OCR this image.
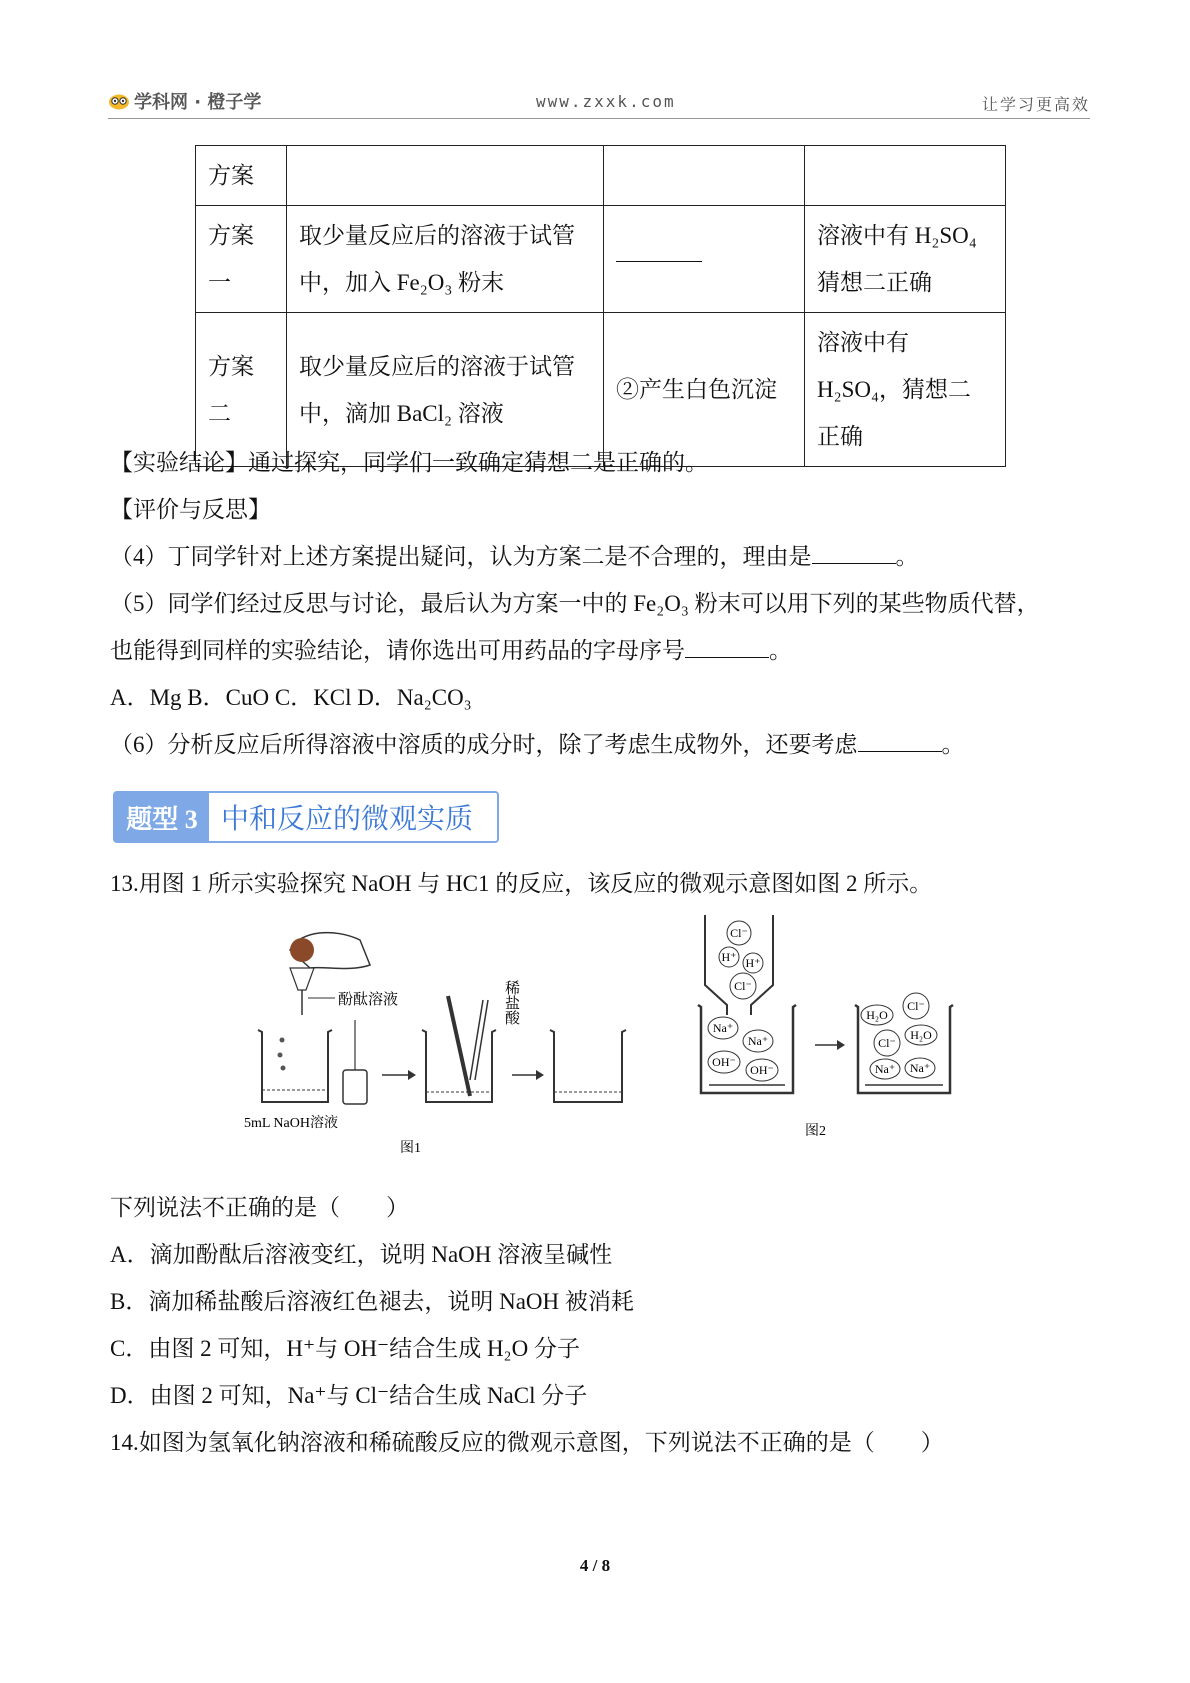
学科网 · 橙子学	www.zxxk.com	让学习更高效
方案			
方案一	取少量反应后的溶液于试管中，加入 Fe₂O₃ 粉末		溶液中有 H₂SO₄ 猜想二正确
方案二	取少量反应后的溶液于试管中，滴加 BaCl₂ 溶液	②产生白色沉淀	溶液中有 H₂SO₄，猜想二正确
【实验结论】通过探究，同学们一致确定猜想二是正确的。
【评价与反思】
（4）丁同学针对上述方案提出疑问，认为方案二是不合理的，理由是	。
（5）同学们经过反思与讨论，最后认为方案一中的 Fe₂O₃ 粉末可以用下列的某些物质代替，
也能得到同样的实验结论，请你选出可用药品的字母序号	。
A．Mg B．CuO C．KCl D．Na₂CO₃
（6）分析反应后所得溶液中溶质的成分时，除了考虑生成物外，还要考虑	。
题型 3 中和反应的微观实质
13.用图 1 所示实验探究 NaOH 与 HC1 的反应，该反应的微观示意图如图 2 所示。
酚酞溶液	稀盐酸
5mL NaOH溶液
图1
Cl⁻
H⁺ H⁺
Cl⁻
Na⁺
Na⁺
OH⁻
OH⁻
H₂O
Cl⁻
Cl⁻
H₂O
Na⁺ Na⁺
图2
下列说法不正确的是（　　）
A．滴加酚酞后溶液变红，说明 NaOH 溶液呈碱性
B．滴加稀盐酸后溶液红色褪去，说明 NaOH 被消耗
C．由图 2 可知，H⁺与 OH⁻结合生成 H₂O 分子
D．由图 2 可知，Na⁺与 Cl⁻结合生成 NaCl 分子
14.如图为氢氧化钠溶液和稀硫酸反应的微观示意图，下列说法不正确的是（　　）
4 / 8
